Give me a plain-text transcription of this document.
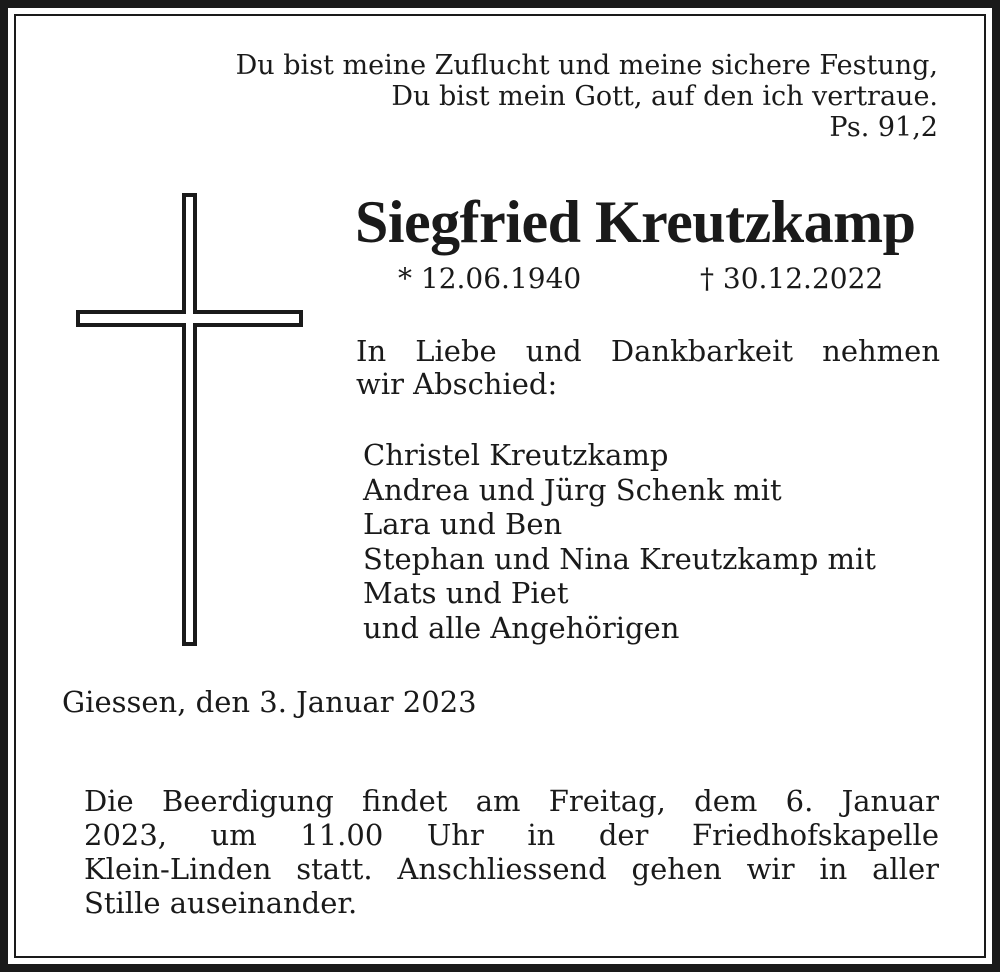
Du bist meine Zuflucht und meine sichere Festung,
Du bist mein Gott, auf den ich vertraue.
Ps. 91,2
Siegfried Kreutzkamp
* 12.06.1940	† 30.12.2022
In Liebe und Dankbarkeit nehmen
wir Abschied:
Christel Kreutzkamp
Andrea und Jürg Schenk mit
Lara und Ben
Stephan und Nina Kreutzkamp mit
Mats und Piet
und alle Angehörigen
Giessen, den 3. Januar 2023
Die Beerdigung findet am Freitag, dem 6. Januar
2023, um 11.00 Uhr in der Friedhofskapelle
Klein-Linden statt. Anschliessend gehen wir in aller
Stille auseinander.
